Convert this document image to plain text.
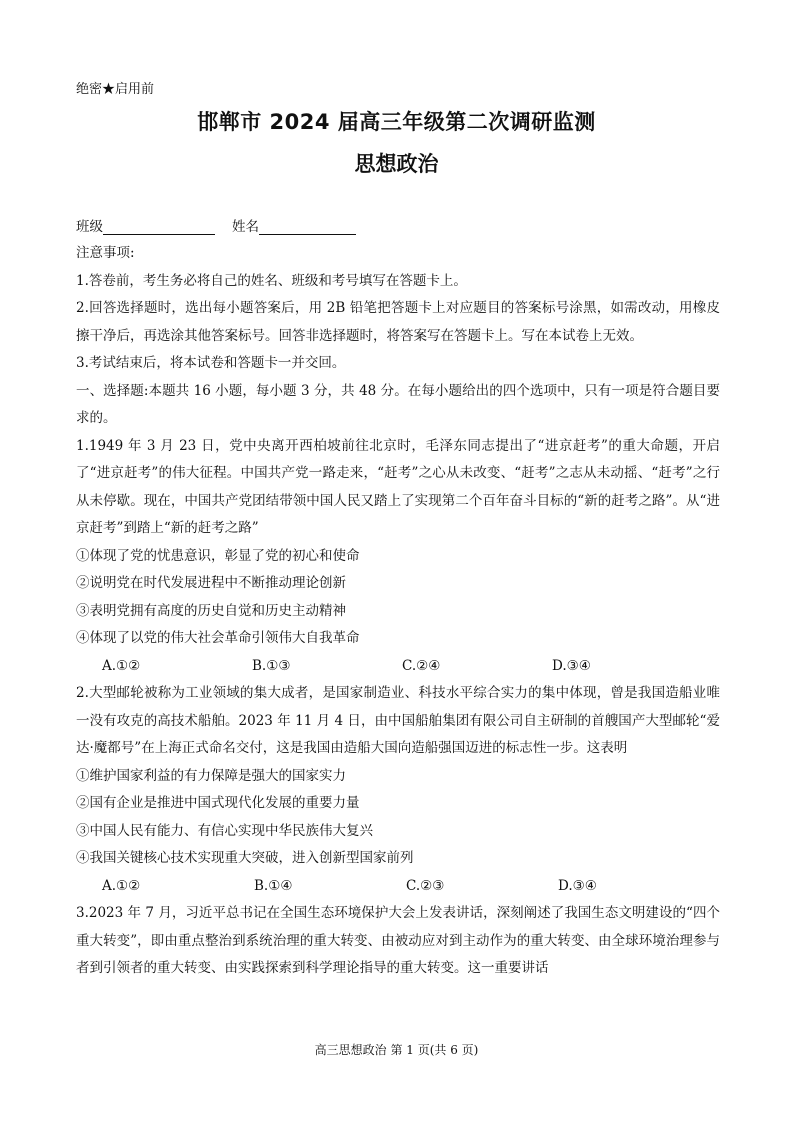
绝密★启用前
邯郸市 2024 届高三年级第二次调研监测
思想政治
班级	姓名

注意事项:

1.答卷前，考生务必将自己的姓名、班级和考号填写在答题卡上。

2.回答选择题时，选出每小题答案后，用 2B 铅笔把答题卡上对应题目的答案标号涂黑，如需改动，用橡皮擦干净后，再选涂其他答案标号。回答非选择题时，将答案写在答题卡上。写在本试卷上无效。

3.考试结束后，将本试卷和答题卡一并交回。

一、选择题:本题共 16 小题，每小题 3 分，共 48 分。在每小题给出的四个选项中，只有一项是符合题目要求的。

1.1949 年 3 月 23 日，党中央离开西柏坡前往北京时，毛泽东同志提出了“进京赶考”的重大命题，开启了“进京赶考”的伟大征程。中国共产党一路走来，“赶考”之心从未改变、“赶考”之志从未动摇、“赶考”之行从未停歇。现在，中国共产党团结带领中国人民又踏上了实现第二个百年奋斗目标的“新的赶考之路”。从“进京赶考”到踏上“新的赶考之路”

①体现了党的忧患意识，彰显了党的初心和使命

②说明党在时代发展进程中不断推动理论创新

③表明党拥有高度的历史自觉和历史主动精神

④体现了以党的伟大社会革命引领伟大自我革命

A.①②	B.①③	C.②④	D.③④

2.大型邮轮被称为工业领域的集大成者，是国家制造业、科技水平综合实力的集中体现，曾是我国造船业唯一没有攻克的高技术船舶。2023 年 11 月 4 日，由中国船舶集团有限公司自主研制的首艘国产大型邮轮“爱达·魔都号”在上海正式命名交付，这是我国由造船大国向造船强国迈进的标志性一步。这表明

①维护国家利益的有力保障是强大的国家实力

②国有企业是推进中国式现代化发展的重要力量

③中国人民有能力、有信心实现中华民族伟大复兴

④我国关键核心技术实现重大突破，进入创新型国家前列

A.①②	B.①④	C.②③	D.③④

3.2023 年 7 月，习近平总书记在全国生态环境保护大会上发表讲话，深刻阐述了我国生态文明建设的“四个重大转变”，即由重点整治到系统治理的重大转变、由被动应对到主动作为的重大转变、由全球环境治理参与者到引领者的重大转变、由实践探索到科学理论指导的重大转变。这一重要讲话

高三思想政治 第 1 页(共 6 页)
